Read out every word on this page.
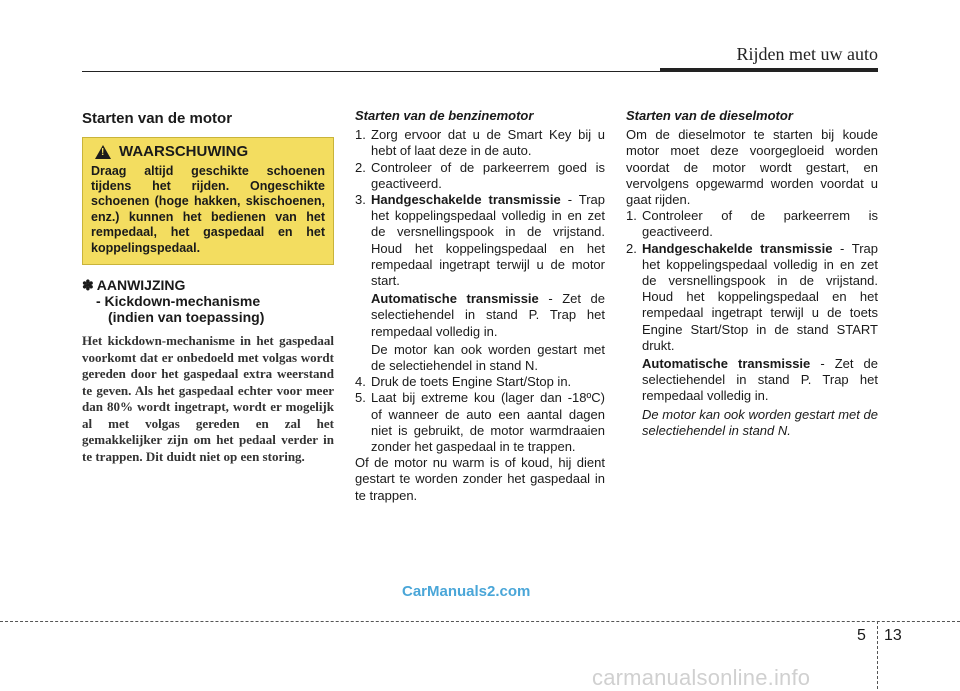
Rijden met uw auto
Starten van de motor
! WAARSCHUWING
Draag altijd geschikte schoenen tijdens het rijden. Ongeschikte schoenen (hoge hakken, skischoenen, enz.) kunnen het bedienen van het rempedaal, het gaspedaal en het koppelingspedaal.
✽ AANWIJZING
- Kickdown-mechanisme
(indien van toepassing)
Het kickdown-mechanisme in het gaspedaal voorkomt dat er onbedoeld met volgas wordt gereden door het gaspedaal extra weerstand te geven. Als het gaspedaal echter voor meer dan 80% wordt ingetrapt, wordt er mogelijk al met volgas gereden en zal het gemakkelijker zijn om het pedaal verder in te trappen. Dit duidt niet op een storing.
Starten van de benzinemotor
1. Zorg ervoor dat u de Smart Key bij u hebt of laat deze in de auto.
2. Controleer of de parkeerrem goed is geactiveerd.
3. Handgeschakelde transmissie - Trap het koppelingspedaal volledig in en zet de versnellingspook in de vrijstand. Houd het koppelingspedaal en het rempedaal ingetrapt terwijl u de motor start.
Automatische transmissie - Zet de selectiehendel in stand P. Trap het rempedaal volledig in.
De motor kan ook worden gestart met de selectiehendel in stand N.
4. Druk de toets Engine Start/Stop in.
5. Laat bij extreme kou (lager dan -18ºC) of wanneer de auto een aantal dagen niet is gebruikt, de motor warmdraaien zonder het gaspedaal in te trappen.

Of de motor nu warm is of koud, hij dient gestart te worden zonder het gaspedaal in te trappen.

Starten van de dieselmotor

Om de dieselmotor te starten bij koude motor moet deze voorgegloeid worden voordat de motor wordt gestart, en vervolgens opgewarmd worden voordat u gaat rijden.

1. Controleer of de parkeerrem is geactiveerd.
2. Handgeschakelde transmissie - Trap het koppelingspedaal volledig in en zet de versnellingspook in de vrijstand. Houd het koppelingspedaal en het rempedaal ingetrapt terwijl u de toets Engine Start/Stop in de stand START drukt.
Automatische transmissie - Zet de selectiehendel in stand P. Trap het rempedaal volledig in.
De motor kan ook worden gestart met de selectiehendel in stand N.
CarManuals2.com
5 13
carmanualsonline.info
